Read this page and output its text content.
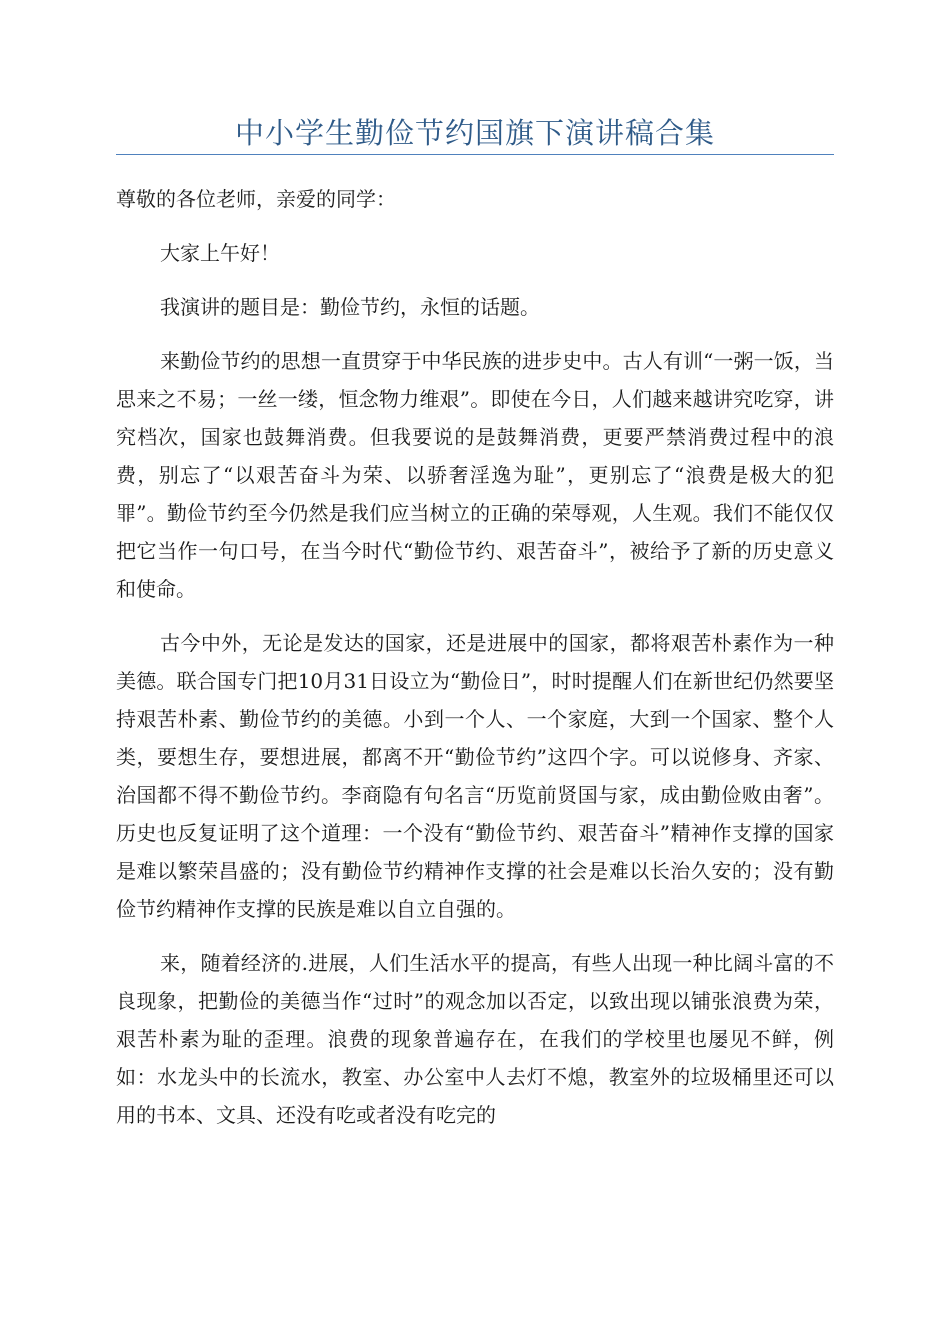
中小学生勤俭节约国旗下演讲稿合集

尊敬的各位老师，亲爱的同学：

大家上午好！

我演讲的题目是：勤俭节约，永恒的话题。

来勤俭节约的思想一直贯穿于中华民族的进步史中。古人有训“一粥一饭，当思来之不易；一丝一缕，恒念物力维艰”。即使在今日，人们越来越讲究吃穿，讲究档次，国家也鼓舞消费。但我要说的是鼓舞消费，更要严禁消费过程中的浪费，别忘了“以艰苦奋斗为荣、以骄奢淫逸为耻”，更别忘了“浪费是极大的犯罪”。勤俭节约至今仍然是我们应当树立的正确的荣辱观，人生观。我们不能仅仅把它当作一句口号，在当今时代“勤俭节约、艰苦奋斗”，被给予了新的历史意义和使命。

古今中外，无论是发达的国家，还是进展中的国家，都将艰苦朴素作为一种美德。联合国专门把10月31日设立为“勤俭日”，时时提醒人们在新世纪仍然要坚持艰苦朴素、勤俭节约的美德。小到一个人、一个家庭，大到一个国家、整个人类，要想生存，要想进展，都离不开“勤俭节约”这四个字。可以说修身、齐家、治国都不得不勤俭节约。李商隐有句名言“历览前贤国与家，成由勤俭败由奢”。历史也反复证明了这个道理：一个没有“勤俭节约、艰苦奋斗”精神作支撑的国家是难以繁荣昌盛的；没有勤俭节约精神作支撑的社会是难以长治久安的；没有勤俭节约精神作支撑的民族是难以自立自强的。

来，随着经济的.进展，人们生活水平的提高，有些人出现一种比阔斗富的不良现象，把勤俭的美德当作“过时”的观念加以否定，以致出现以铺张浪费为荣，艰苦朴素为耻的歪理。浪费的现象普遍存在，在我们的学校里也屡见不鲜，例如：水龙头中的长流水，教室、办公室中人去灯不熄，教室外的垃圾桶里还可以用的书本、文具、还没有吃或者没有吃完的
